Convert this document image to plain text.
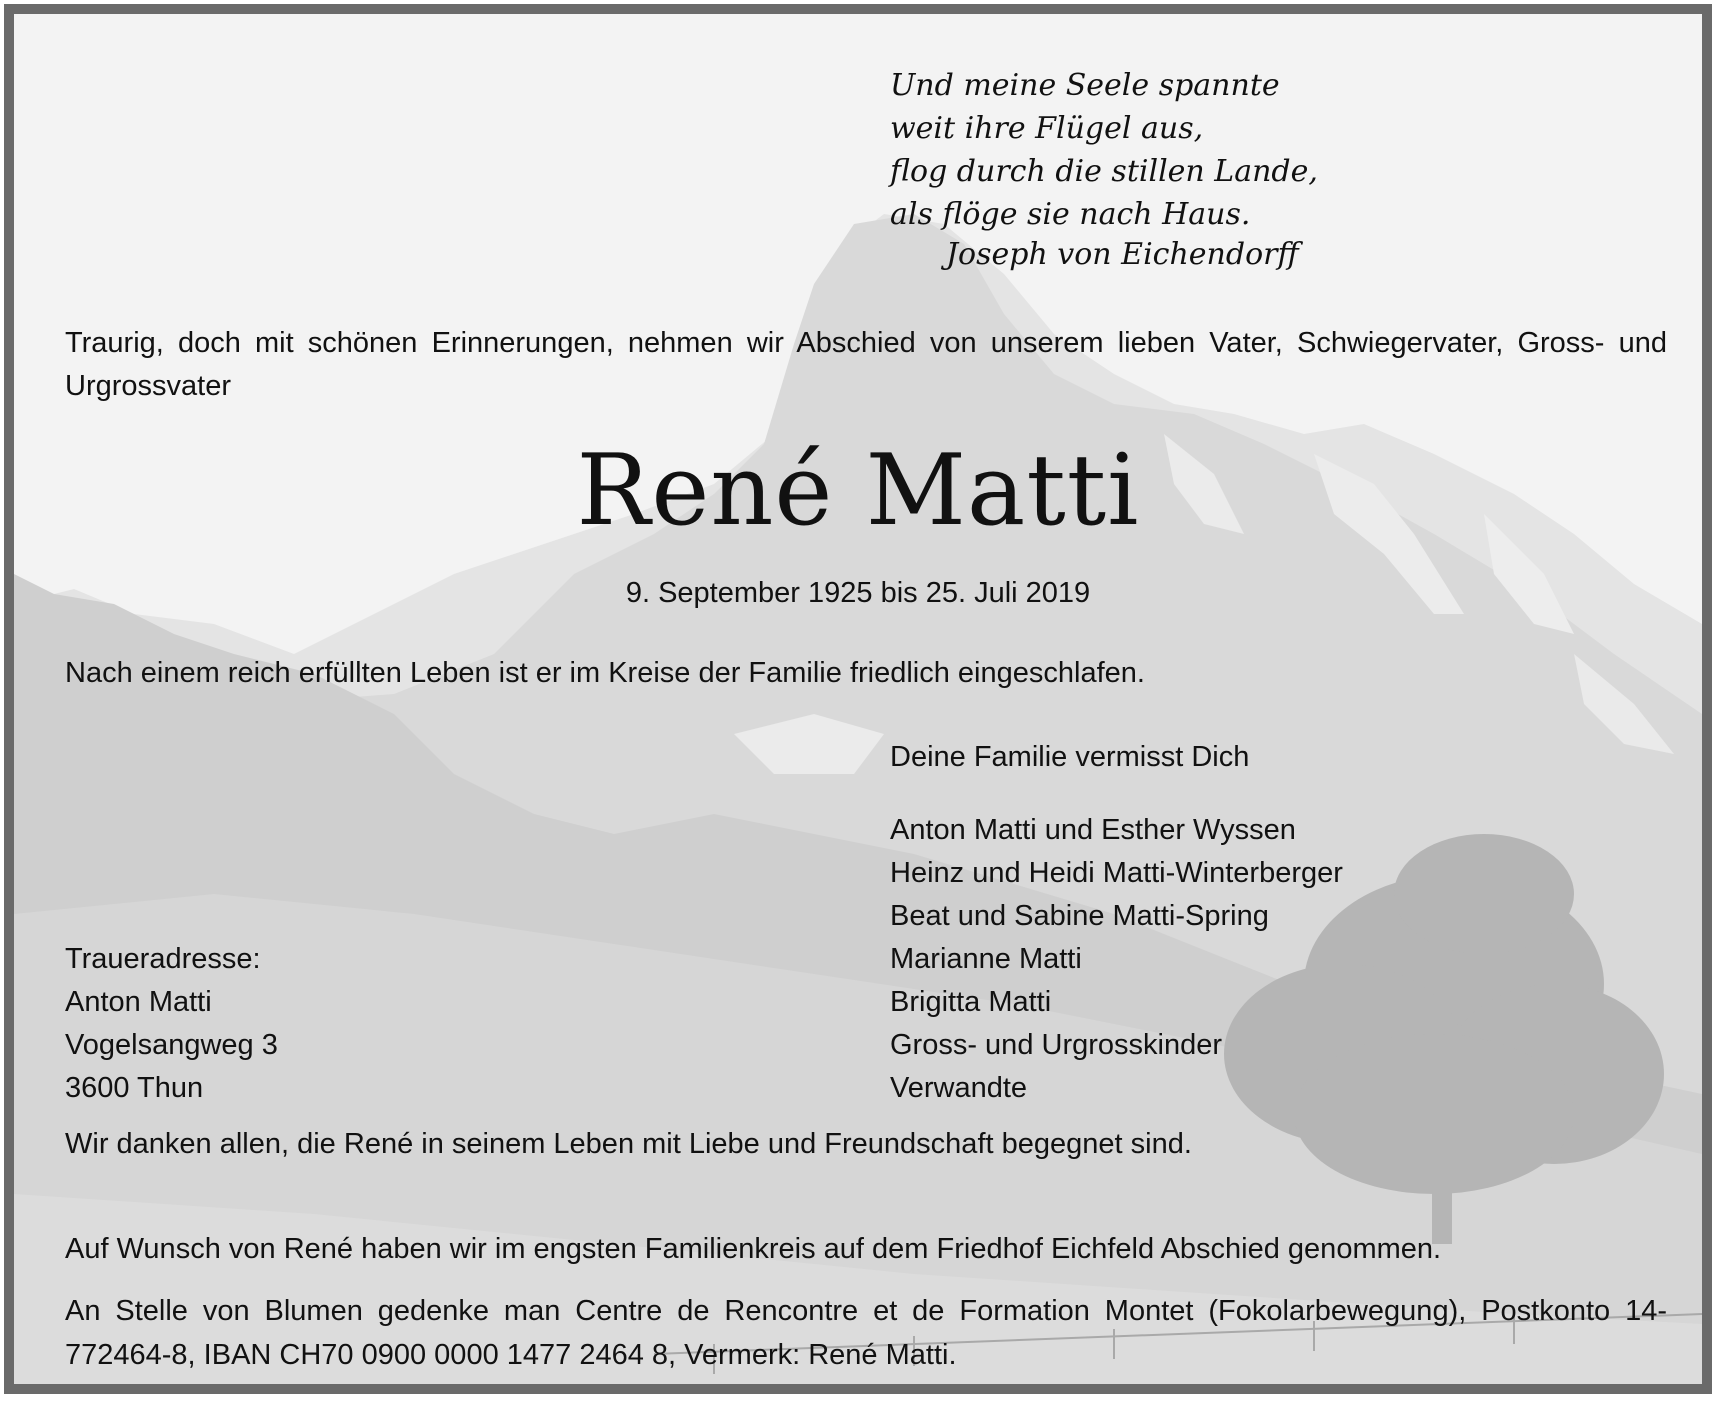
Und meine Seele spannte
weit ihre Flügel aus,
flog durch die stillen Lande,
als flöge sie nach Haus.
Joseph von Eichendorff

Traurig, doch mit schönen Erinnerungen, nehmen wir Abschied von unserem lieben Vater, Schwiegervater, Gross- und Urgrossvater

René Matti
9. September 1925 bis 25. Juli 2019
Nach einem reich erfüllten Leben ist er im Kreise der Familie friedlich eingeschlafen.
Deine Familie vermisst Dich
Anton Matti und Esther Wyssen
Heinz und Heidi Matti-Winterberger
Beat und Sabine Matti-Spring
Marianne Matti
Brigitta Matti
Gross- und Urgrosskinder
Verwandte
Traueradresse:
Anton Matti
Vogelsangweg 3
3600 Thun
Wir danken allen, die René in seinem Leben mit Liebe und Freundschaft begegnet sind.
Auf Wunsch von René haben wir im engsten Familienkreis auf dem Friedhof Eichfeld Abschied genommen.

An Stelle von Blumen gedenke man Centre de Rencontre et de Formation Montet (Fokolarbewegung), Postkonto 14-772464-8, IBAN CH70 0900 0000 1477 2464 8, Vermerk: René Matti.
